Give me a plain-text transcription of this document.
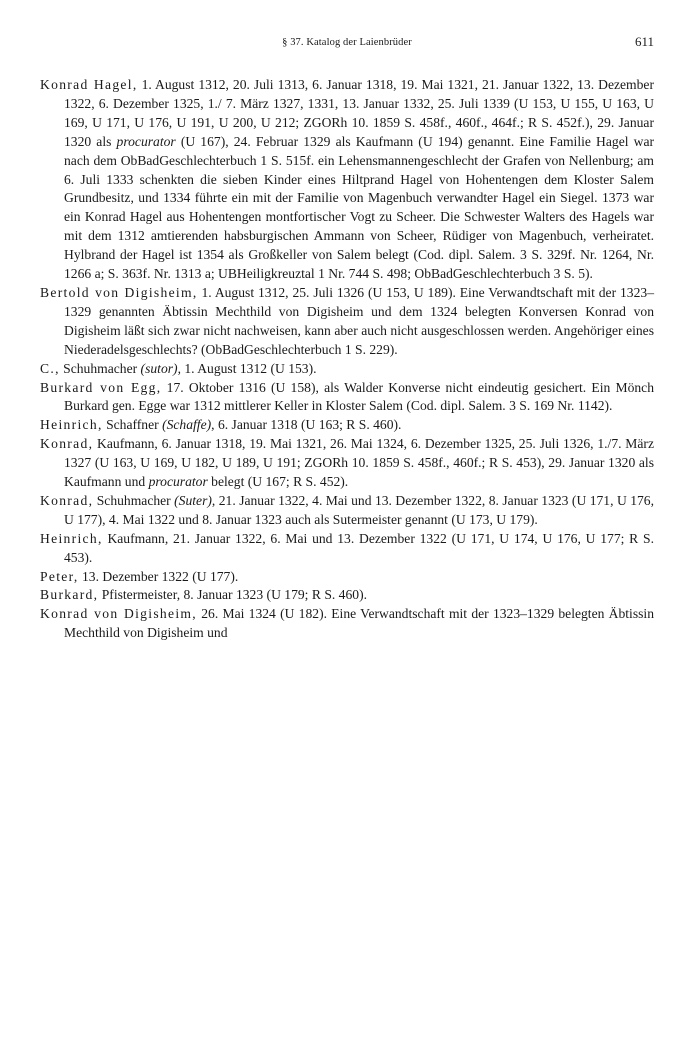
§ 37. Katalog der Laienbrüder	611

Konrad Hagel, 1. August 1312, 20. Juli 1313, 6. Januar 1318, 19. Mai 1321, 21. Januar 1322, 13. Dezember 1322, 6. Dezember 1325, 1./ 7. März 1327, 1331, 13. Januar 1332, 25. Juli 1339 (U 153, U 155, U 163, U 169, U 171, U 176, U 191, U 200, U 212; ZGORh 10. 1859 S. 458f., 460f., 464f.; R S. 452f.), 29. Januar 1320 als procurator (U 167), 24. Februar 1329 als Kaufmann (U 194) genannt. Eine Familie Hagel war nach dem ObBadGeschlechterbuch 1 S. 515f. ein Lehensmannengeschlecht der Grafen von Nellenburg; am 6. Juli 1333 schenkten die sieben Kinder eines Hiltprand Hagel von Hohentengen dem Kloster Salem Grundbesitz, und 1334 führte ein mit der Familie von Magenbuch verwandter Hagel ein Siegel. 1373 war ein Konrad Hagel aus Hohentengen montfortischer Vogt zu Scheer. Die Schwester Walters des Hagels war mit dem 1312 amtierenden habsburgischen Ammann von Scheer, Rüdiger von Magenbuch, verheiratet. Hylbrand der Hagel ist 1354 als Großkeller von Salem belegt (Cod. dipl. Salem. 3 S. 329f. Nr. 1264, Nr. 1266 a; S. 363f. Nr. 1313 a; UBHeiligkreuztal 1 Nr. 744 S. 498; ObBadGeschlechterbuch 3 S. 5).

Bertold von Digisheim, 1. August 1312, 25. Juli 1326 (U 153, U 189). Eine Verwandtschaft mit der 1323–1329 genannten Äbtissin Mechthild von Digisheim und dem 1324 belegten Konversen Konrad von Digisheim läßt sich zwar nicht nachweisen, kann aber auch nicht ausgeschlossen werden. Angehöriger eines Niederadelsgeschlechts? (ObBadGeschlechterbuch 1 S. 229).

C., Schuhmacher (sutor), 1. August 1312 (U 153).

Burkard von Egg, 17. Oktober 1316 (U 158), als Walder Konverse nicht eindeutig gesichert. Ein Mönch Burkard gen. Egge war 1312 mittlerer Keller in Kloster Salem (Cod. dipl. Salem. 3 S. 169 Nr. 1142).

Heinrich, Schaffner (Schaffe), 6. Januar 1318 (U 163; R S. 460).

Konrad, Kaufmann, 6. Januar 1318, 19. Mai 1321, 26. Mai 1324, 6. Dezember 1325, 25. Juli 1326, 1./7. März 1327 (U 163, U 169, U 182, U 189, U 191; ZGORh 10. 1859 S. 458f., 460f.; R S. 453), 29. Januar 1320 als Kaufmann und procurator belegt (U 167; R S. 452).

Konrad, Schuhmacher (Suter), 21. Januar 1322, 4. Mai und 13. Dezember 1322, 8. Januar 1323 (U 171, U 176, U 177), 4. Mai 1322 und 8. Januar 1323 auch als Sutermeister genannt (U 173, U 179).

Heinrich, Kaufmann, 21. Januar 1322, 6. Mai und 13. Dezember 1322 (U 171, U 174, U 176, U 177; R S. 453).

Peter, 13. Dezember 1322 (U 177).

Burkard, Pfistermeister, 8. Januar 1323 (U 179; R S. 460).

Konrad von Digisheim, 26. Mai 1324 (U 182). Eine Verwandtschaft mit der 1323–1329 belegten Äbtissin Mechthild von Digisheim und
